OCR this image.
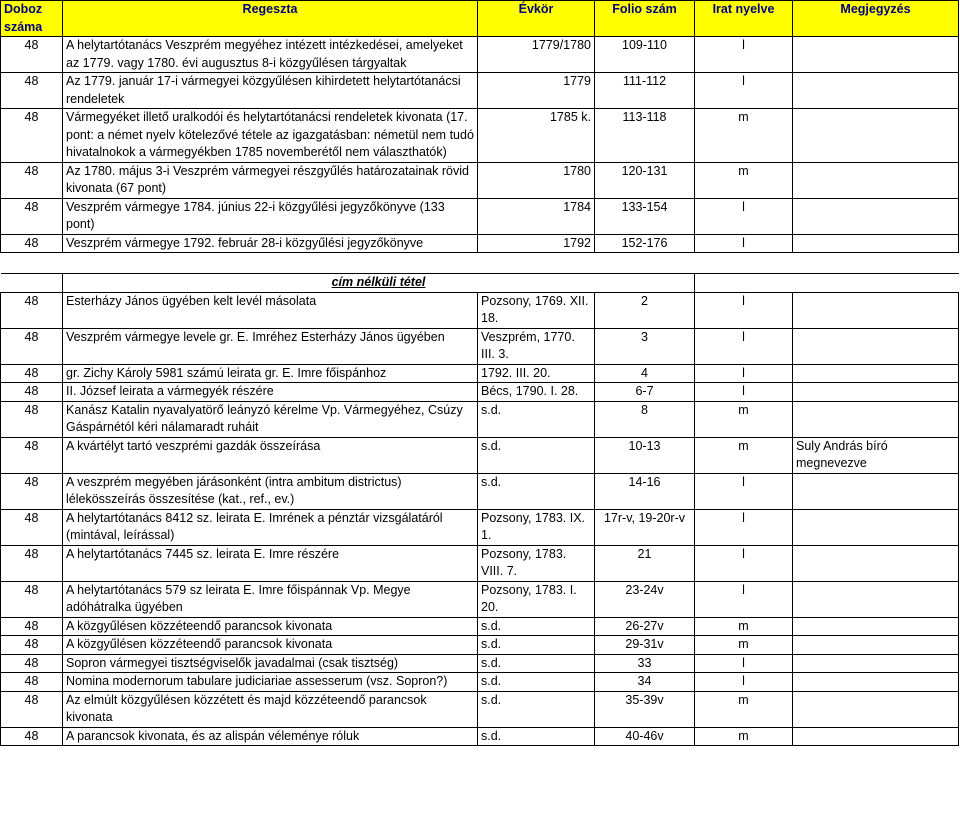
Doboz száma	Regeszta	Évkör	Folio szám	Irat nyelve	Megjegyzés
48	A helytartótanács Veszprém megyéhez intézett intézkedései, amelyeket az 1779. vagy 1780. évi augusztus 8-i közgyűlésen tárgyaltak	1779/1780	109-110	l	
48	Az 1779. január 17-i vármegyei közgyűlésen kihirdetett helytartótanácsi rendeletek	1779	111-112	l	
48	Vármegyéket illető uralkodói és helytartótanácsi rendeletek kivonata (17. pont: a német nyelv kötelezővé tétele az igazgatásban: németül nem tudó hivatalnokok a vármegyékben 1785 novemberétől nem választhatók)	1785 k.	113-118	m	
48	Az 1780. május 3-i Veszprém vármegyei részgyűlés határozatainak rövid kivonata (67 pont)	1780	120-131	m	
48	Veszprém vármegye 1784. június 22-i közgyűlési jegyzőkönyve (133 pont)	1784	133-154	l	
48	Veszprém vármegye 1792. február 28-i közgyűlési jegyzőkönyve	1792	152-176	l	

	cím nélküli tétel				
48	Esterházy János ügyében kelt levél másolata	Pozsony, 1769. XII. 18.	2	l	
48	Veszprém vármegye levele gr. E. Imréhez Esterházy János ügyében	Veszprém, 1770. III. 3.	3	l	
48	gr. Zichy Károly 5981 számú leirata gr. E. Imre főispánhoz	1792. III. 20.	4	l	
48	II. József leirata a vármegyék részére	Bécs, 1790. I. 28.	6-7	l	
48	Kanász Katalin nyavalyatörő leányzó kérelme Vp. Vármegyéhez, Csúzy Gáspárnétól kéri nálamaradt ruháit	s.d.	8	m	
48	A kvártélyt tartó veszprémi gazdák összeírása	s.d.	10-13	m	Suly András bíró megnevezve
48	A veszprém megyében járásonként (intra ambitum districtus) lélekösszeírás összesítése (kat., ref., ev.)	s.d.	14-16	l	
48	A helytartótanács 8412 sz. leirata E. Imrének a pénztár vizsgálatáról (mintával, leírással)	Pozsony, 1783. IX. 1.	17r-v, 19-20r-v	l	
48	A helytartótanács 7445 sz. leirata E. Imre részére	Pozsony, 1783. VIII. 7.	21	l	
48	A helytartótanács 579 sz leirata E. Imre főispánnak Vp. Megye adóhátralka ügyében	Pozsony, 1783. I. 20.	23-24v	l	
48	A közgyűlésen közzéteendő parancsok kivonata	s.d.	26-27v	m	
48	A közgyűlésen közzéteendő parancsok kivonata	s.d.	29-31v	m	
48	Sopron vármegyei tisztségviselők javadalmai (csak tisztség)	s.d.	33	l	
48	Nomina modernorum tabulare judiciariae assesserum (vsz. Sopron?)	s.d.	34	l	
48	Az elmúlt közgyűlésen közzétett és majd közzéteendő parancsok kivonata	s.d.	35-39v	m	
48	A parancsok kivonata, és az alispán véleménye róluk	s.d.	40-46v	m	
